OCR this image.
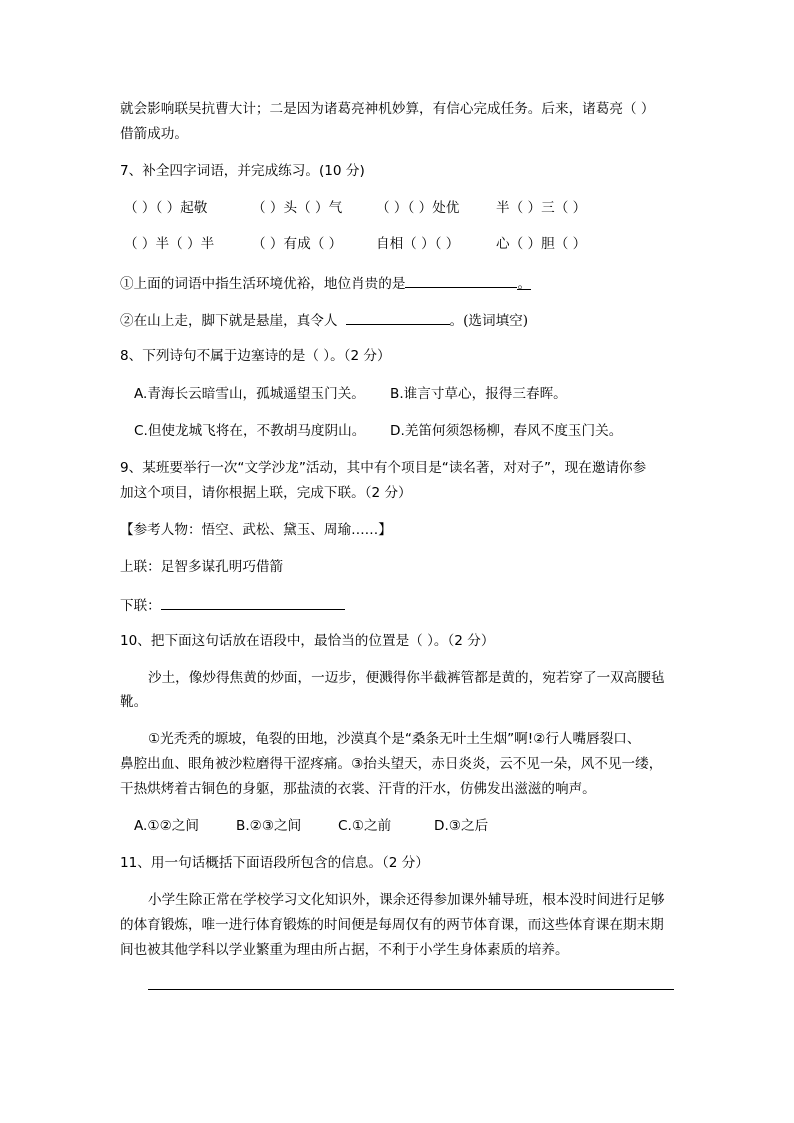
就会影响联吴抗曹大计；二是因为诸葛亮神机妙算，有信心完成任务。后来，诸葛亮（ ）
借箭成功。
7、补全四字词语，并完成练习。(10 分)
（ ）（ ）起敬	（ ）头（ ）气 （ ）（ ）处优	半（ ）三（ ）
（ ）半（ ）半	（ ）有成（ ） 自相（ ）（ ）	心（ ）胆（ ）
①上面的词语中指生活环境优裕，地位肖贵的是	。
②在山上走，脚下就是悬崖，真令人	。(选词填空)
8、下列诗句不属于边塞诗的是（ ）。（2 分）
A.青海长云暗雪山，孤城遥望玉门关。 B.谁言寸草心，报得三春晖。
C.但使龙城飞将在，不教胡马度阴山。 D.羌笛何须怨杨柳，春风不度玉门关。
9、某班要举行一次“文学沙龙”活动，其中有个项目是“读名著，对对子”，现在邀请你参
加这个项目，请你根据上联，完成下联。（2 分）
【参考人物：悟空、武松、黛玉、周瑜……】
上联：足智多谋孔明巧借箭
下联：
10、把下面这句话放在语段中，最恰当的位置是（ ）。（2 分）
沙土，像炒得焦黄的炒面，一迈步，便溅得你半截裤管都是黄的，宛若穿了一双高腰毡
靴。
①光秃秃的塬坡，龟裂的田地，沙漠真个是“桑条无叶土生烟”啊!②行人嘴唇裂口、
鼻腔出血、眼角被沙粒磨得干涩疼痛。③抬头望天，赤日炎炎，云不见一朵，风不见一缕，
干热烘烤着古铜色的身躯，那盐渍的衣裳、汗背的汗水，仿佛发出滋滋的响声。
A.①②之间	B.②③之间	C.①之前	D.③之后
11、用一句话概括下面语段所包含的信息。（2 分）
小学生除正常在学校学习文化知识外，课余还得参加课外辅导班，根本没时间进行足够
的体育锻炼，唯一进行体育锻炼的时间便是每周仅有的两节体育课，而这些体育课在期末期
间也被其他学科以学业繁重为理由所占据，不利于小学生身体素质的培养。
